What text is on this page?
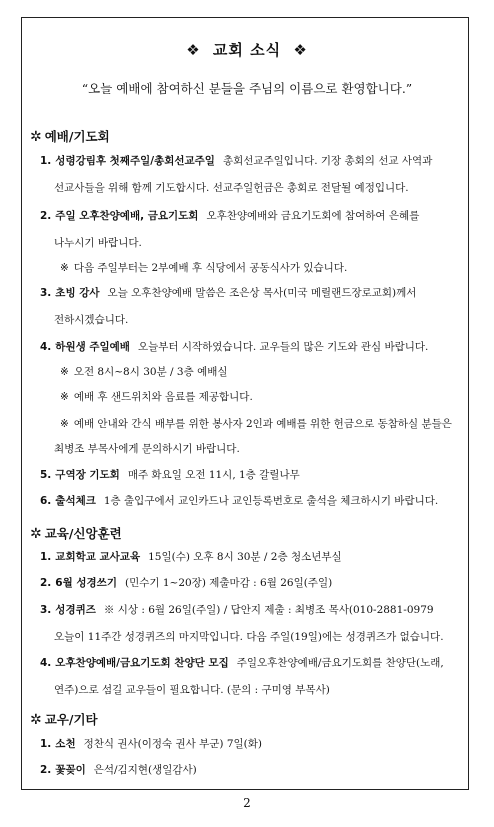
❖ 교회 소식 ❖
“오늘 예배에 참여하신 분들을 주님의 이름으로 환영합니다.”
✲ 예배/기도회
1. 성령강림후 첫째주일/총회선교주일 총회선교주일입니다. 기장 총회의 선교 사역과
선교사들을 위해 함께 기도합시다. 선교주일헌금은 총회로 전달될 예정입니다.
2. 주일 오후찬양예배, 금요기도회 오후찬양예배와 금요기도회에 참여하여 은혜를
나누시기 바랍니다.
※ 다음 주일부터는 2부예배 후 식당에서 공동식사가 있습니다.
3. 초빙 강사 오늘 오후찬양예배 말씀은 조은상 목사(미국 메릴랜드장로교회)께서
전하시겠습니다.
4. 하원생 주일예배 오늘부터 시작하였습니다. 교우들의 많은 기도와 관심 바랍니다.
※ 오전 8시~8시 30분 / 3층 예배실
※ 예배 후 샌드위치와 음료를 제공합니다.
※ 예배 안내와 간식 배부를 위한 봉사자 2인과 예배를 위한 헌금으로 동참하실 분들은
최병조 부목사에게 문의하시기 바랍니다.
5. 구역장 기도회 매주 화요일 오전 11시, 1층 갈릴나무
6. 출석체크 1층 출입구에서 교인카드나 교인등록번호로 출석을 체크하시기 바랍니다.
✲ 교육/신앙훈련
1. 교회학교 교사교육 15일(수) 오후 8시 30분 / 2층 청소년부실
2. 6월 성경쓰기 (민수기 1~20장) 제출마감 : 6월 26일(주일)
3. 성경퀴즈 ※ 시상 : 6월 26일(주일) / 답안지 제출 : 최병조 목사(010-2881-0979
오늘이 11주간 성경퀴즈의 마지막입니다. 다음 주일(19일)에는 성경퀴즈가 없습니다.
4. 오후찬양예배/금요기도회 찬양단 모집 주일오후찬양예배/금요기도회를 찬양단(노래,
연주)으로 섬길 교우들이 필요합니다. (문의 : 구미영 부목사)
✲ 교우/기타
1. 소천 정찬식 권사(이정숙 권사 부군) 7일(화)
2. 꽃꽂이 은석/김지현(생일감사)
2
